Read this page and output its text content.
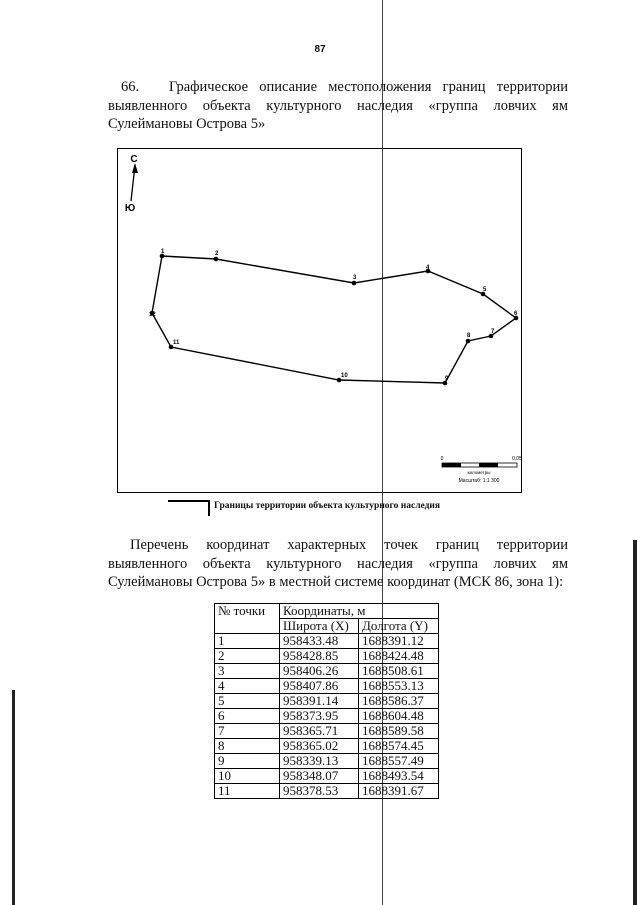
87
66. Графическое описание местоположения границ территории выявленного объекта культурного наследия «группа ловчих ям Сулеймановы Острова 5»
С
Ю
1	2
3
4
5
6
7
8
9
10
11
12
0	0,05
километры
Масштаб: 1:1 300
Границы территории объекта культурного наследия
Перечень координат характерных точек границ территории выявленного объекта культурного наследия «группа ловчих ям Сулеймановы Острова 5» в местной системе координат (МСК 86, зона 1):
№ точки	Координаты, м	
	Широта (X)	Долгота (Y)
1	958433.48	1688391.12
2	958428.85	1688424.48
3	958406.26	1688508.61
4	958407.86	1688553.13
5	958391.14	1688586.37
6	958373.95	1688604.48
7	958365.71	1688589.58
8	958365.02	1688574.45
9	958339.13	1688557.49
10	958348.07	1688493.54
11	958378.53	1688391.67
